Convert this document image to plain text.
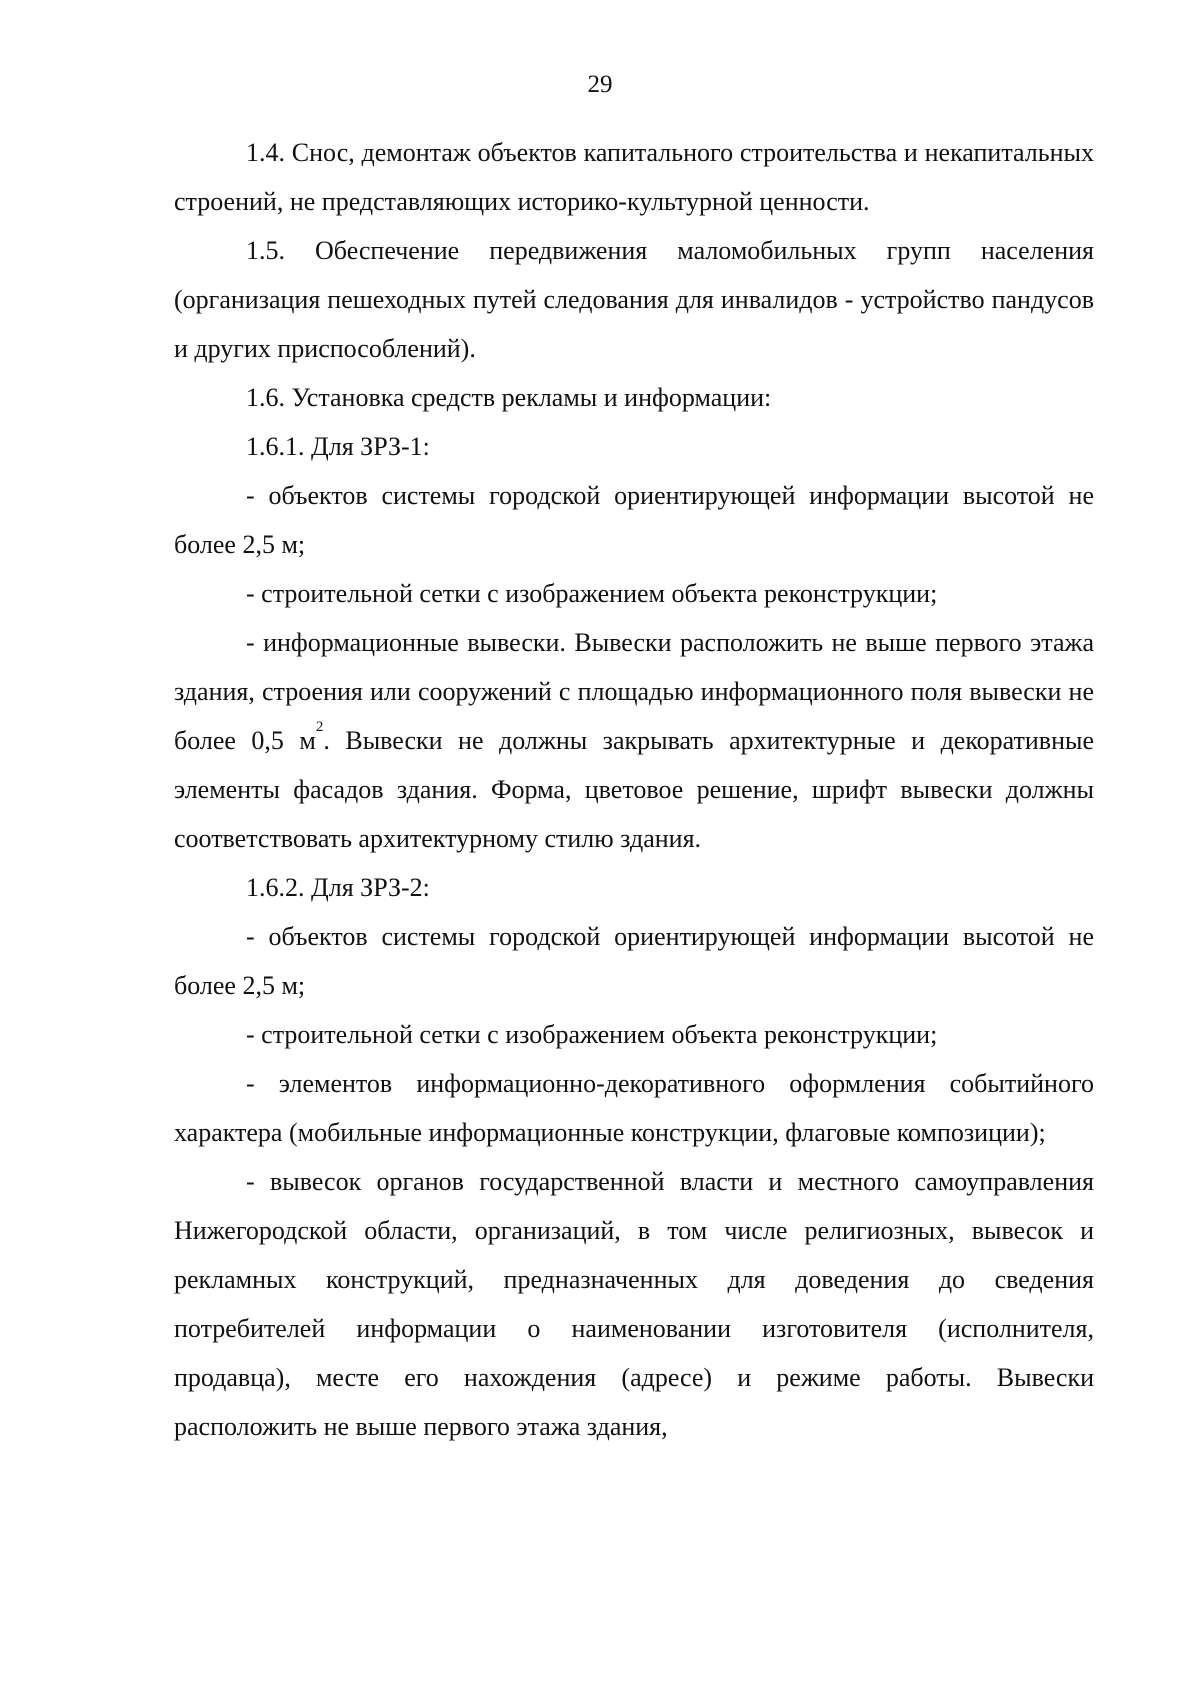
29

1.4. Снос, демонтаж объектов капитального строительства и некапитальных строений, не представляющих историко-культурной ценности.

1.5. Обеспечение передвижения маломобильных групп населения (организация пешеходных путей следования для инвалидов - устройство пандусов и других приспособлений).

1.6. Установка средств рекламы и информации:

1.6.1. Для ЗРЗ-1:

- объектов системы городской ориентирующей информации высотой не более 2,5 м;

- строительной сетки с изображением объекта реконструкции;

- информационные вывески. Вывески расположить не выше первого этажа здания, строения или сооружений с площадью информационного поля вывески не более 0,5 $м^2$. Вывески не должны закрывать архитектурные и декоративные элементы фасадов здания. Форма, цветовое решение, шрифт вывески должны соответствовать архитектурному стилю здания.

1.6.2. Для ЗРЗ-2:

- объектов системы городской ориентирующей информации высотой не более 2,5 м;

- строительной сетки с изображением объекта реконструкции;

- элементов информационно-декоративного оформления событийного характера (мобильные информационные конструкции, флаговые композиции);

- вывесок органов государственной власти и местного самоуправления Нижегородской области, организаций, в том числе религиозных, вывесок и рекламных конструкций, предназначенных для доведения до сведения потребителей информации о наименовании изготовителя (исполнителя, продавца), месте его нахождения (адресе) и режиме работы. Вывески расположить не выше первого этажа здания,
